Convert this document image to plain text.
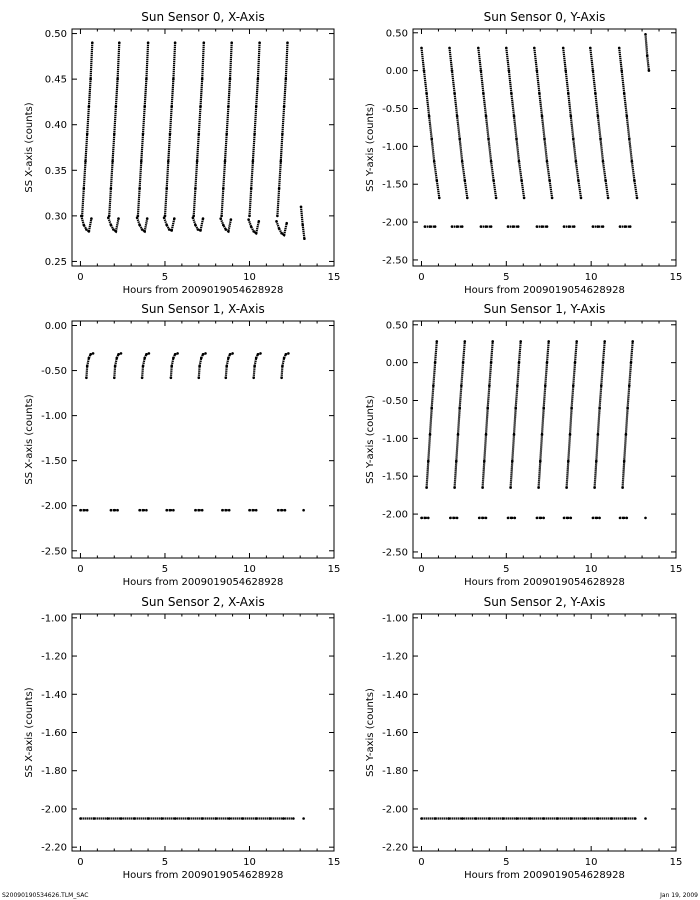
S20090190534626.TLM_SAC	Jan 19, 2009
Sun Sensor 0, X-Axis
0	5	10	15
0.25
0.30
0.35
0.40
0.45
0.50
Hours from 2009019054628928
SS X-axis (counts)
Sun Sensor 0, Y-Axis
0	5	10	15
-2.50
-2.00
-1.50
-1.00
-0.50
0.00
0.50
Hours from 2009019054628928
SS Y-axis (counts)
Sun Sensor 1, X-Axis
0	5	10	15
-2.50
-2.00
-1.50
-1.00
-0.50
0.00
Hours from 2009019054628928
SS X-axis (counts)
Sun Sensor 1, Y-Axis
0	5	10	15
-2.50
-2.00
-1.50
-1.00
-0.50
0.00
0.50
Hours from 2009019054628928
SS Y-axis (counts)
Sun Sensor 2, X-Axis
0	5	10	15
-2.20
-2.00
-1.80
-1.60
-1.40
-1.20
-1.00
Hours from 2009019054628928
SS X-axis (counts)
Sun Sensor 2, Y-Axis
0	5	10	15
-2.20
-2.00
-1.80
-1.60
-1.40
-1.20
-1.00
Hours from 2009019054628928
SS Y-axis (counts)
